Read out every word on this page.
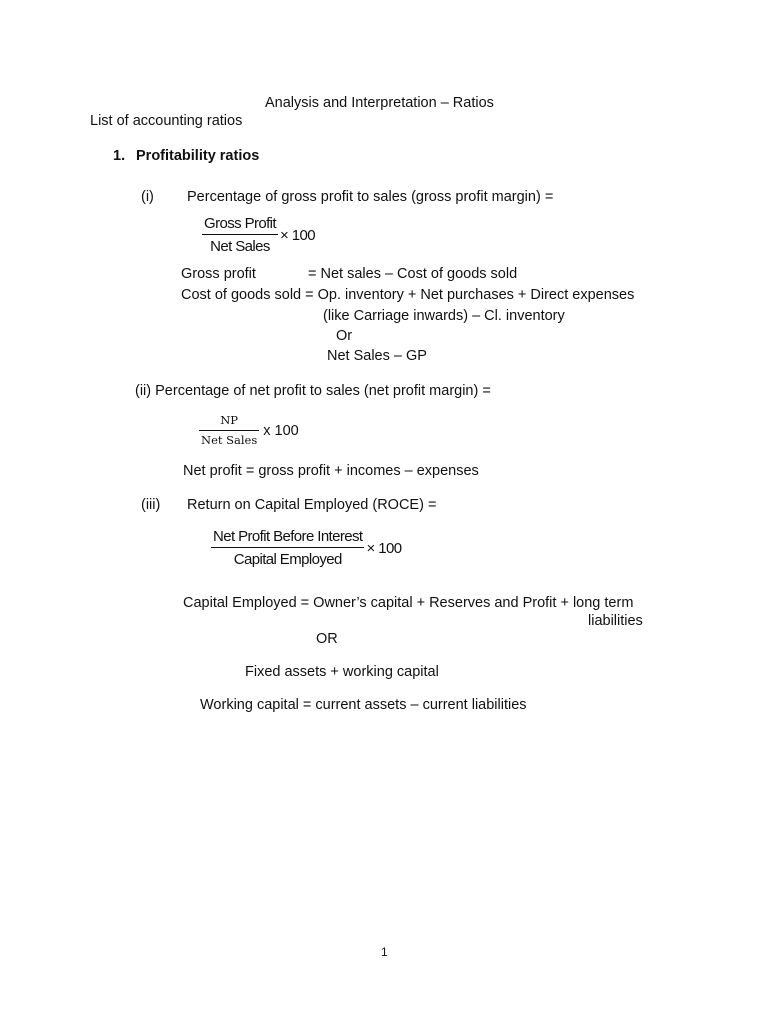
Analysis and Interpretation – Ratios
List of accounting ratios
1. Profitability ratios
(i) Percentage of gross profit to sales (gross profit margin) =
$\frac{\text{Gross Profit}}{\text{Net Sales}} \times 100$
Gross profit	= Net sales – Cost of goods sold
Cost of goods sold = Op. inventory + Net purchases + Direct expenses
(like Carriage inwards) – Cl. inventory
Or
Net Sales – GP
(ii) Percentage of net profit to sales (net profit margin) =
$\frac{NP}{\text{Net Sales}}$ x 100
Net profit = gross profit + incomes – expenses
(iii) Return on Capital Employed (ROCE) =
$\frac{\text{Net Profit Before Interest}}{\text{Capital Employed}} \times 100$
Capital Employed = Owner’s capital + Reserves and Profit + long term
liabilities
OR
Fixed assets + working capital
Working capital = current assets – current liabilities
1
